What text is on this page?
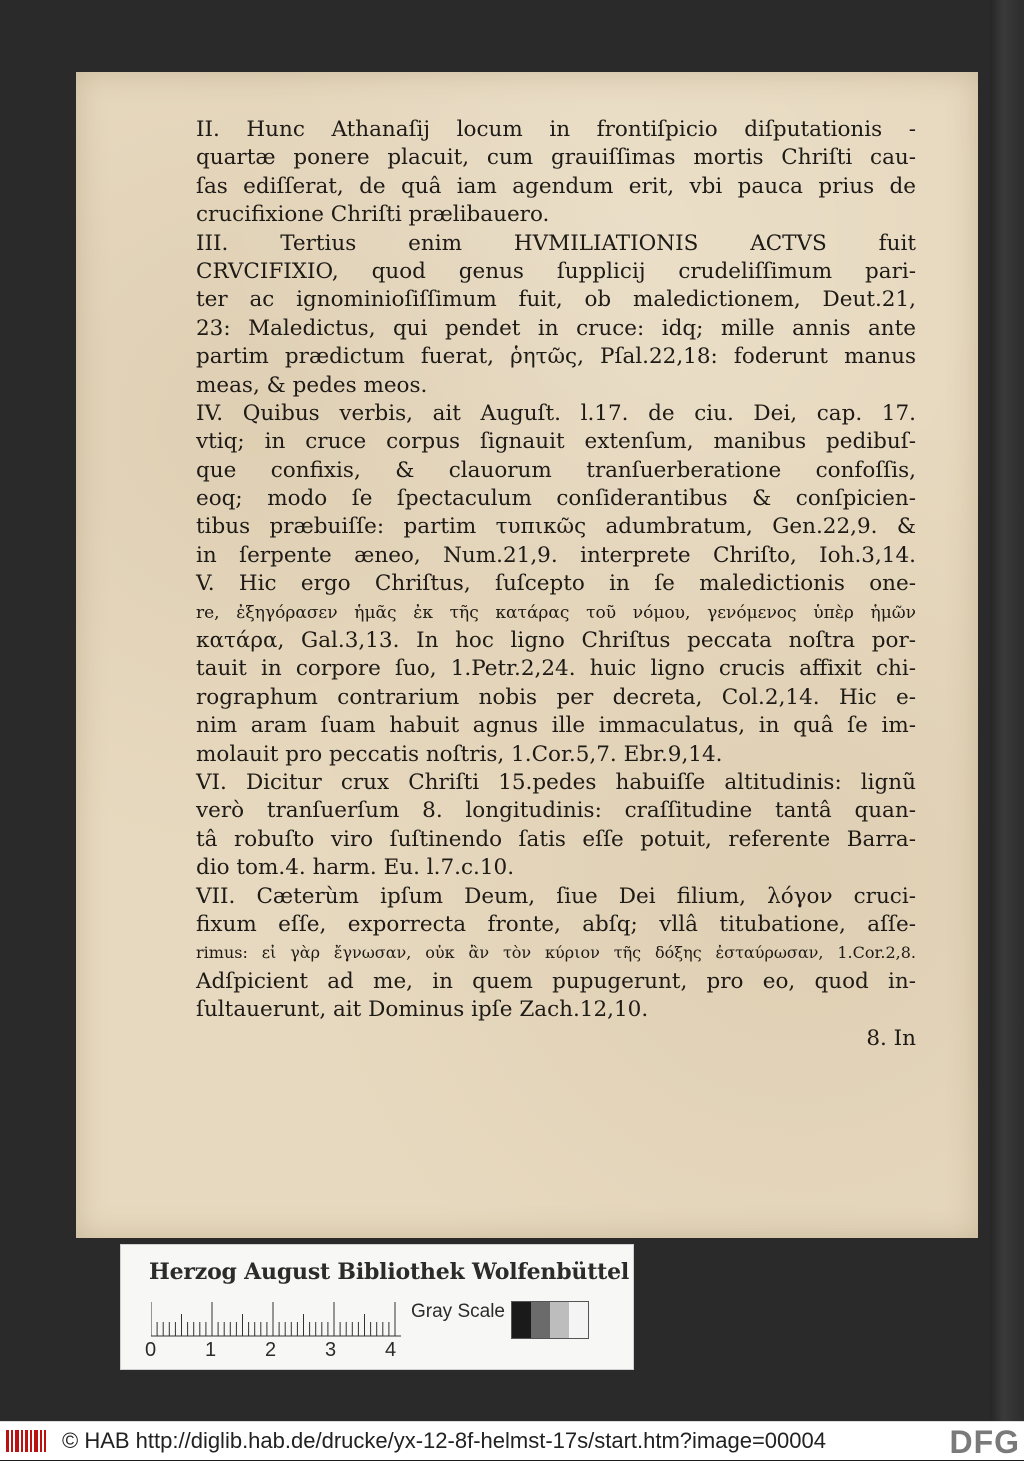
II. Hunc Athanaſij locum in frontiſpicio diſputationis -
quartæ ponere placuit, cum grauiſſimas mortis Chriſti cau-
ſas ediſſerat, de quâ iam agendum erit, vbi pauca prius de
crucifixione Chriſti prælibauero.
III. Tertius enim HVMILIATIONIS ACTVS fuit
CRVCIFIXIO, quod genus ſupplicij crudeliſſimum pari-
ter ac ignominioſiſſimum fuit, ob maledictionem, Deut.21,
23: Maledictus, qui pendet in cruce: idq; mille annis ante
partim prædictum fuerat, ῥητῶς, Pſal.22,18: foderunt manus
meas, & pedes meos.
IV. Quibus verbis, ait Auguſt. l.17. de ciu. Dei, cap. 17.
vtiq; in cruce corpus ſignauit extenſum, manibus pedibuſ-
que confixis, & clauorum tranſuerberatione confoſſis,
eoq; modo ſe ſpectaculum conſiderantibus & conſpicien-
tibus præbuiſſe: partim τυπικῶς adumbratum, Gen.22,9. &
in ſerpente æneo, Num.21,9. interprete Chriſto, Ioh.3,14.
V. Hic ergo Chriſtus, ſuſcepto in ſe maledictionis one-
re, ἐξηγόρασεν ἡμᾶς ἐκ τῆς κατάρας τοῦ νόμου, γενόμενος ὑπὲρ ἡμῶν
κατάρα, Gal.3,13. In hoc ligno Chriſtus peccata noſtra por-
tauit in corpore ſuo, 1.Petr.2,24. huic ligno crucis affixit chi-
rographum contrarium nobis per decreta, Col.2,14. Hic e-
nim aram ſuam habuit agnus ille immaculatus, in quâ ſe im-
molauit pro peccatis noſtris, 1.Cor.5,7. Ebr.9,14.
VI. Dicitur crux Chriſti 15.pedes habuiſſe altitudinis: lignũ
verò tranſuerſum 8. longitudinis: craſſitudine tantâ quan-
tâ robuſto viro ſuſtinendo ſatis eſſe potuit, referente Barra-
dio tom.4. harm. Eu. l.7.c.10.
VII. Cæterùm ipſum Deum, ſiue Dei filium, λόγον cruci-
fixum eſſe, exporrecta fronte, abſq; vllâ titubatione, aſſe-
rimus: εἰ γὰρ ἔγνωσαν, οὐκ ἂν τὸν κύριον τῆς δόξης ἐσταύρωσαν, 1.Cor.2,8.
Adſpicient ad me, in quem pupugerunt, pro eo, quod in-
ſultauerunt, ait Dominus ipſe Zach.12,10.
8. In
Herzog August Bibliothek Wolfenbüttel
Gray Scale
0 1 2 3 4
© HAB http://diglib.hab.de/drucke/yx-12-8f-helmst-17s/start.htm?image=00004	DFG
